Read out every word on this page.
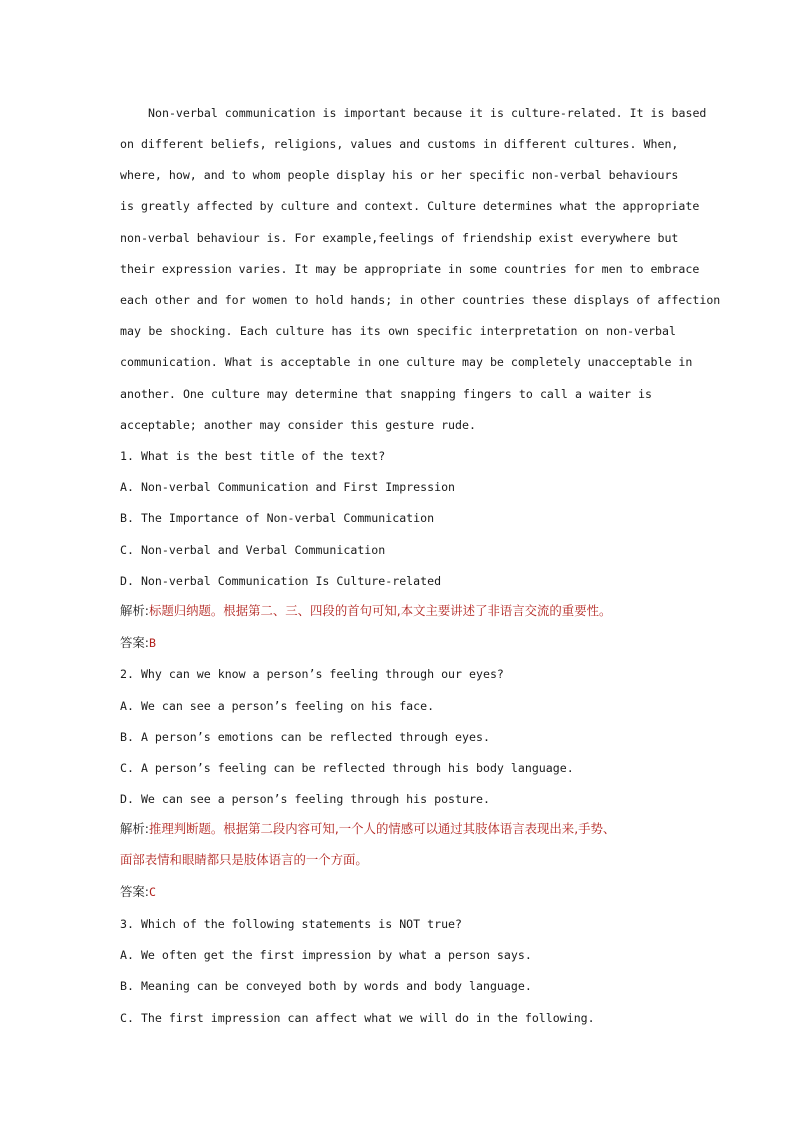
Non-verbal communication is important because it is culture-related. It is based
on different beliefs, religions, values and customs in different cultures. When,
where, how, and to whom people display his or her specific non-verbal behaviours
is greatly affected by culture and context. Culture determines what the appropriate
non-verbal behaviour is. For example,feelings of friendship exist everywhere but
their expression varies. It may be appropriate in some countries for men to embrace
each other and for women to hold hands; in other countries these displays of affection
may be shocking. Each culture has its own specific interpretation on non-verbal
communication. What is acceptable in one culture may be completely unacceptable in
another. One culture may determine that snapping fingers to call a waiter is
acceptable; another may consider this gesture rude.
1. What is the best title of the text?
A. Non-verbal Communication and First Impression
B. The Importance of Non-verbal Communication
C. Non-verbal and Verbal Communication
D. Non-verbal Communication Is Culture-related
解析:标题归纳题。根据第二、三、四段的首句可知,本文主要讲述了非语言交流的重要性。
答案:B
2. Why can we know a person’s feeling through our eyes?
A. We can see a person’s feeling on his face.
B. A person’s emotions can be reflected through eyes.
C. A person’s feeling can be reflected through his body language.
D. We can see a person’s feeling through his posture.
解析:推理判断题。根据第二段内容可知,一个人的情感可以通过其肢体语言表现出来,手势、
面部表情和眼睛都只是肢体语言的一个方面。
答案:C
3. Which of the following statements is NOT true?
A. We often get the first impression by what a person says.
B. Meaning can be conveyed both by words and body language.
C. The first impression can affect what we will do in the following.
